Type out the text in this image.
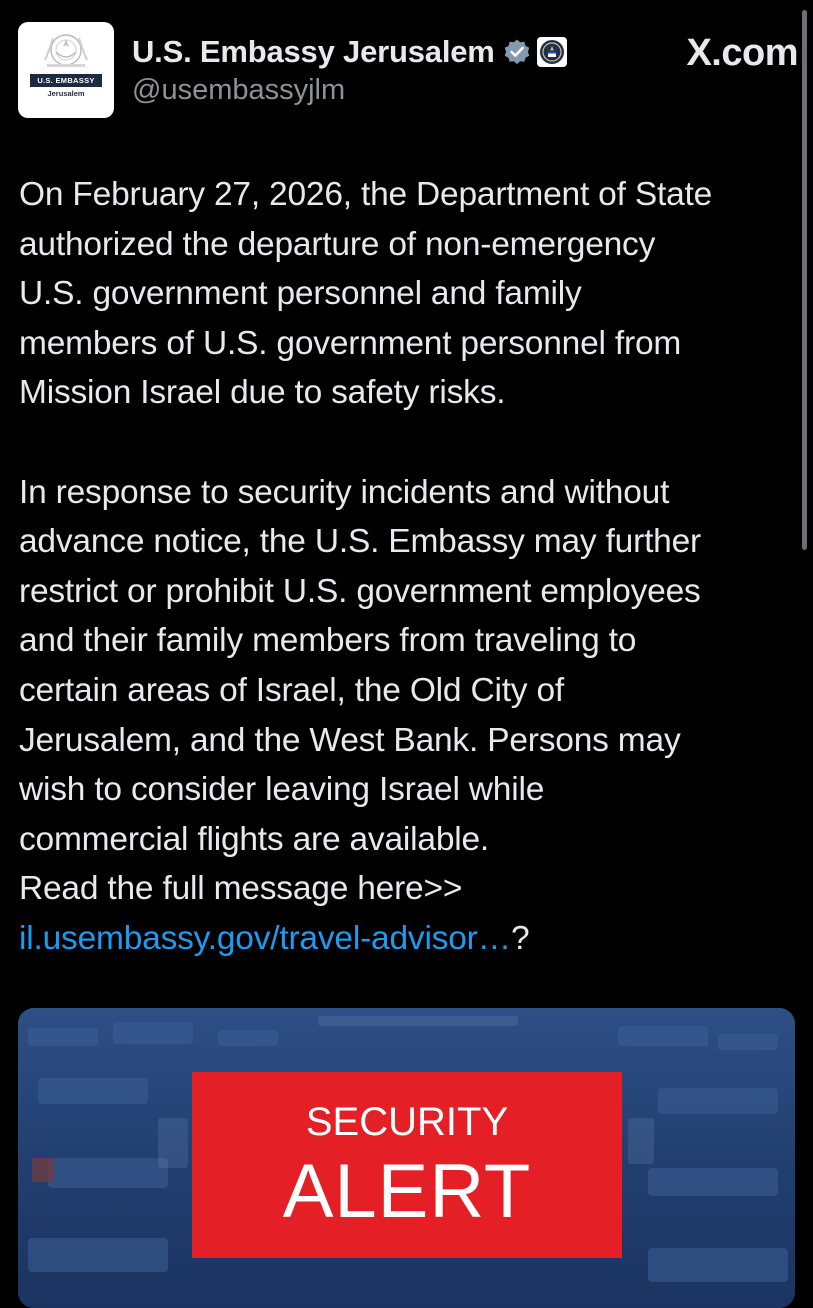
U.S. EMBASSY
Jerusalem
U.S. Embassy Jerusalem
@usembassyjlm
X.com

On February 27, 2026, the Department of State

authorized the departure of non-emergency

U.S. government personnel and family

members of U.S. government personnel from

Mission Israel due to safety risks.

In response to security incidents and without

advance notice, the U.S. Embassy may further

restrict or prohibit U.S. government employees

and their family members from traveling to

certain areas of Israel, the Old City of

Jerusalem, and the West Bank. Persons may

wish to consider leaving Israel while

commercial flights are available.

Read the full message here>>

il.usembassy.gov/travel-advisor…?

SECURITY
ALERT
